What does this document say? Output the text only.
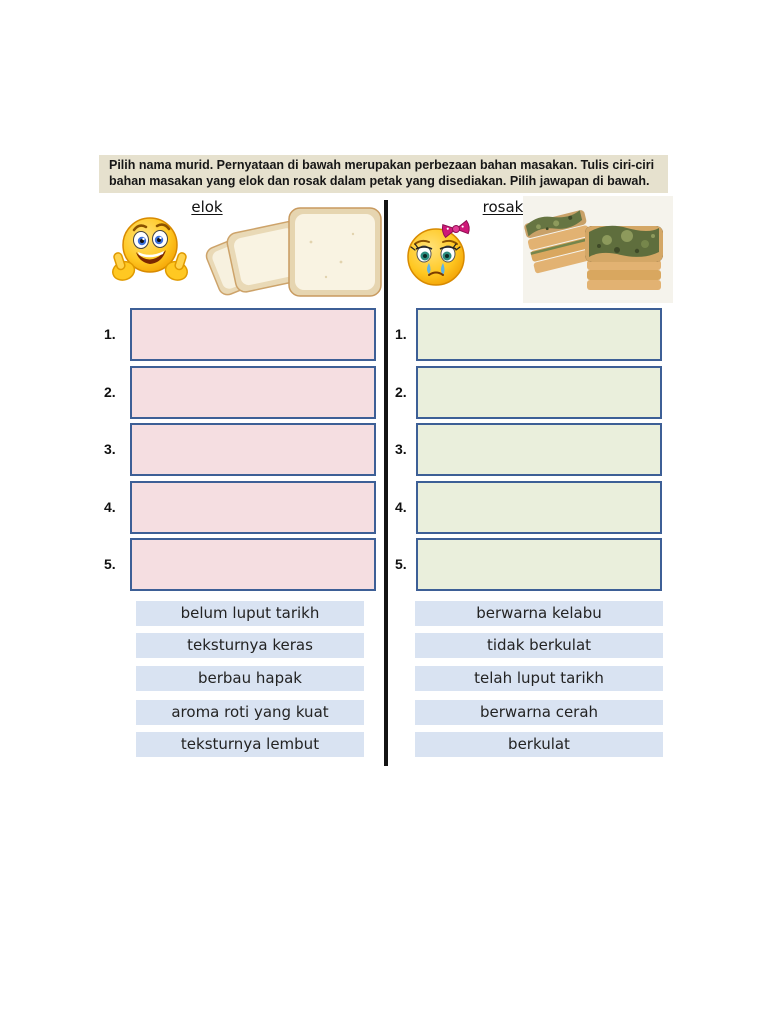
Pilih nama murid. Pernyataan di bawah merupakan perbezaan bahan masakan. Tulis ciri-ciri bahan masakan yang elok dan rosak dalam petak yang disediakan. Pilih jawapan di bawah.
elok	rosak
1.
2.
3.
4.
5.
1.
2.
3.
4.
5.
belum luput tarikh
teksturnya keras
berbau hapak
aroma roti yang kuat
teksturnya lembut
berwarna kelabu
tidak berkulat
telah luput tarikh
berwarna cerah
berkulat
